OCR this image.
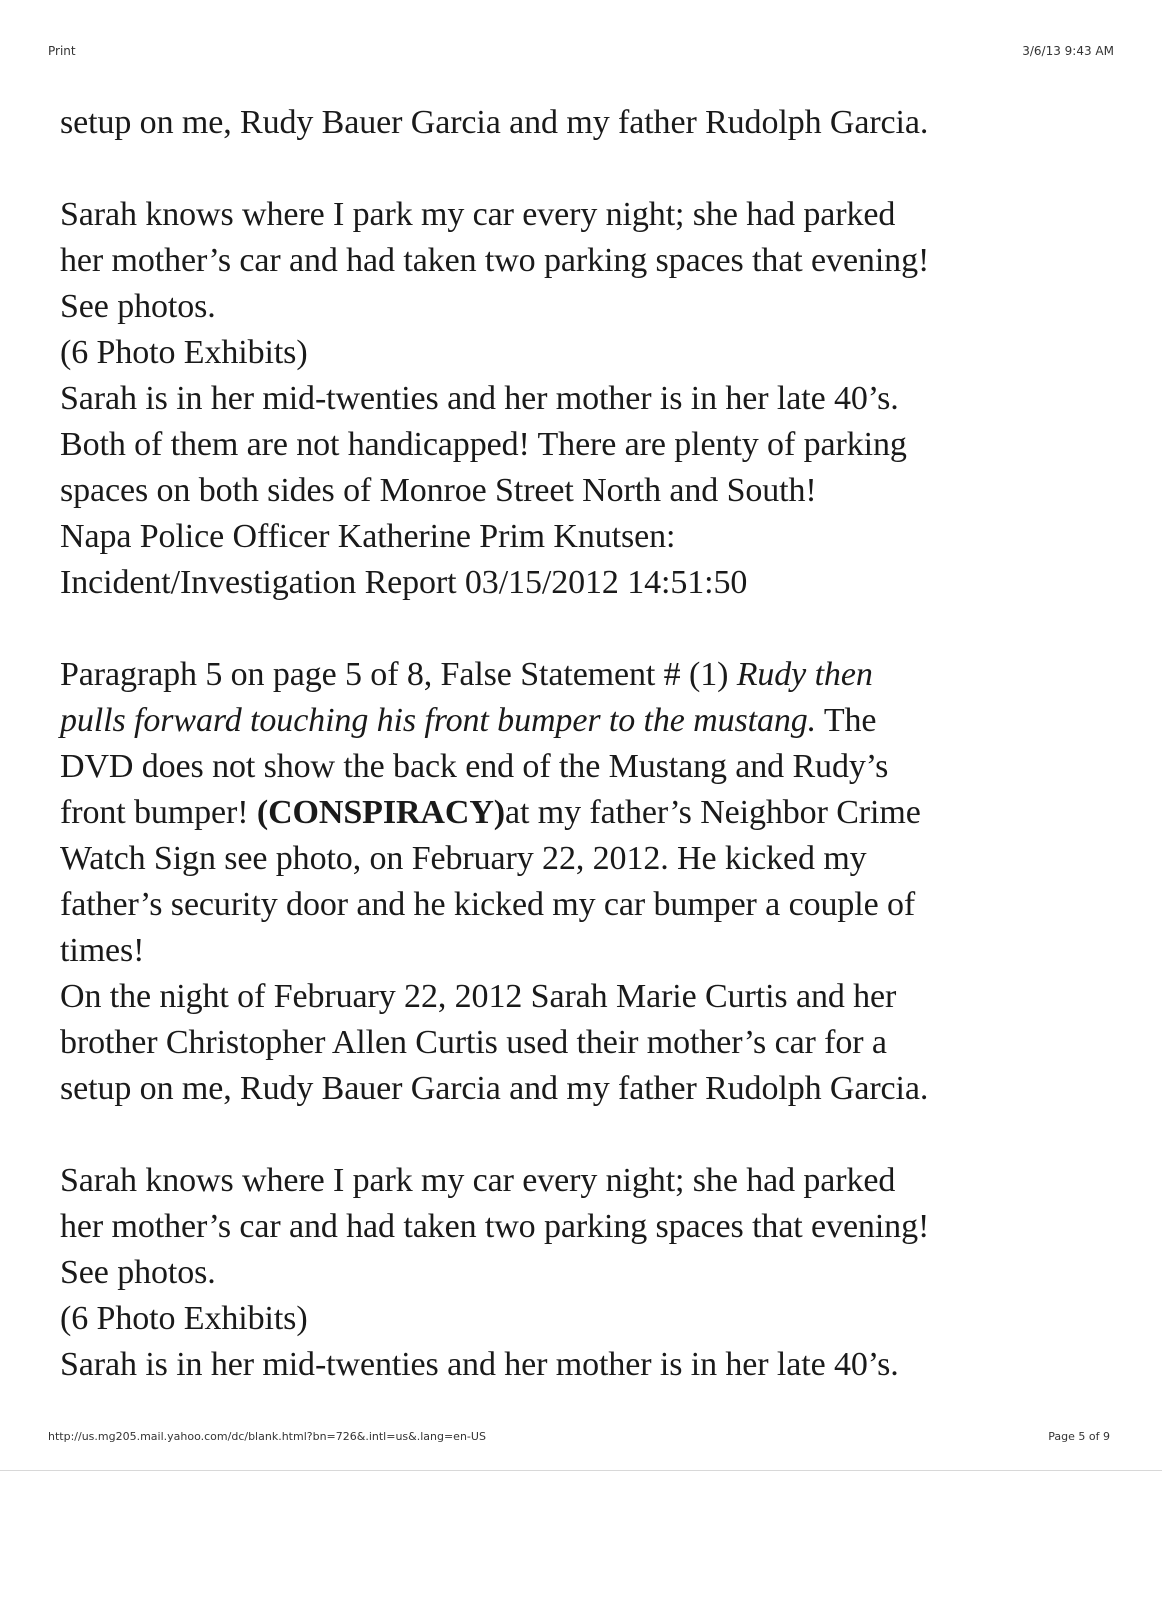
Print	3/6/13 9:43 AM

setup on me, Rudy Bauer Garcia and my father Rudolph Garcia.

Sarah knows where I park my car every night; she had parked

her mother’s car and had taken two parking spaces that evening!

See photos.

(6 Photo Exhibits)

Sarah is in her mid-twenties and her mother is in her late 40’s.

Both of them are not handicapped! There are plenty of parking

spaces on both sides of Monroe Street North and South!

Napa Police Officer Katherine Prim Knutsen:

Incident/Investigation Report 03/15/2012 14:51:50

Paragraph 5 on page 5 of 8, False Statement # (1) Rudy then

pulls forward touching his front bumper to the mustang. The

DVD does not show the back end of the Mustang and Rudy’s

front bumper! (CONSPIRACY)at my father’s Neighbor Crime

Watch Sign see photo, on February 22, 2012. He kicked my

father’s security door and he kicked my car bumper a couple of

times!

On the night of February 22, 2012 Sarah Marie Curtis and her

brother Christopher Allen Curtis used their mother’s car for a

setup on me, Rudy Bauer Garcia and my father Rudolph Garcia.

Sarah knows where I park my car every night; she had parked

her mother’s car and had taken two parking spaces that evening!

See photos.

(6 Photo Exhibits)

Sarah is in her mid-twenties and her mother is in her late 40’s.

http://us.mg205.mail.yahoo.com/dc/blank.html?bn=726&.intl=us&.lang=en-US	Page 5 of 9
